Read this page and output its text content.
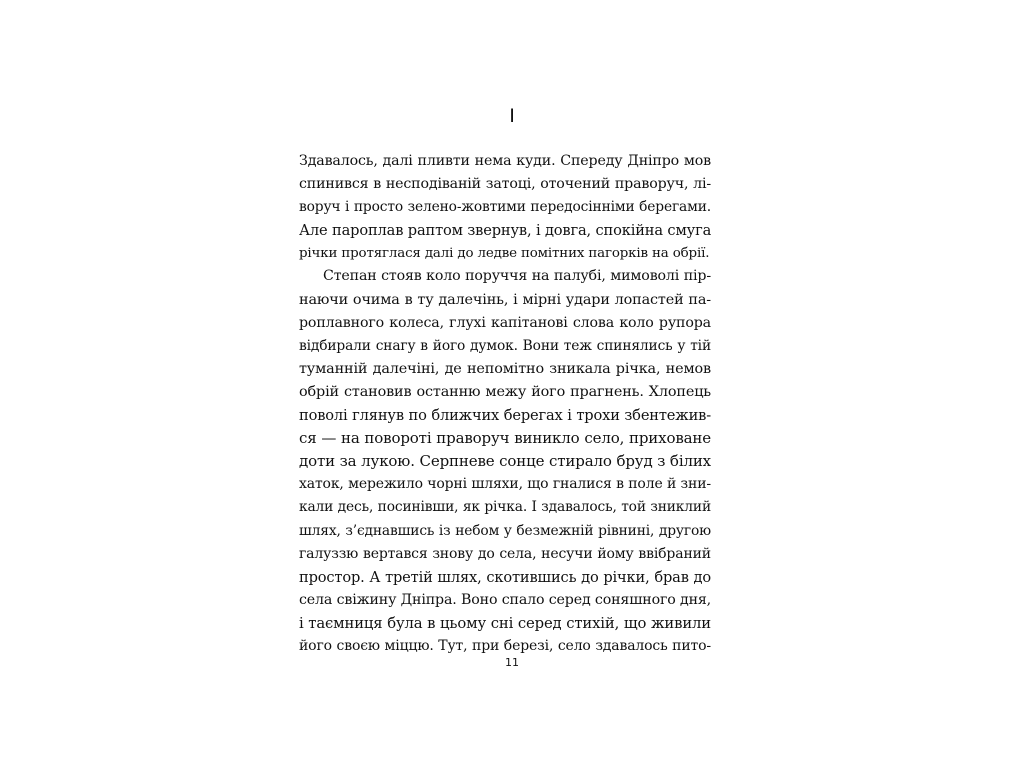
I
Здавалось, далі пливти нема куди. Спереду Дніпро мов
спинився в несподіваній затоці, оточений праворуч, лі-
воруч і просто зелено-жовтими передосінніми берегами.
Але пароплав раптом звернув, і довга, спокійна смуга
річки протяглася далі до ледве помітних пагорків на обрії.
Степан стояв коло поруччя на палубі, мимоволі пір-
наючи очима в ту далечінь, і мірні удари лопастей па-
роплавного колеса, глухі капітанові слова коло рупора
відбирали снагу в його думок. Вони теж спинялись у тій
туманній далечіні, де непомітно зникала річка, немов
обрій становив останню межу його прагнень. Хлопець
поволі глянув по ближчих берегах і трохи збентежив-
ся — на повороті праворуч виникло село, приховане
доти за лукою. Серпневе сонце стирало бруд з білих
хаток, мережило чорні шляхи, що гналися в поле й зни-
кали десь, посинівши, як річка. І здавалось, той зниклий
шлях, з’єднавшись із небом у безмежній рівнині, другою
галуззю вертався знову до села, несучи йому ввібраний
простор. А третій шлях, скотившись до річки, брав до
села свіжину Дніпра. Воно спало серед соняшного дня,
і таємниця була в цьому сні серед стихій, що живили
його своєю міццю. Тут, при березі, село здавалось пито-
11
